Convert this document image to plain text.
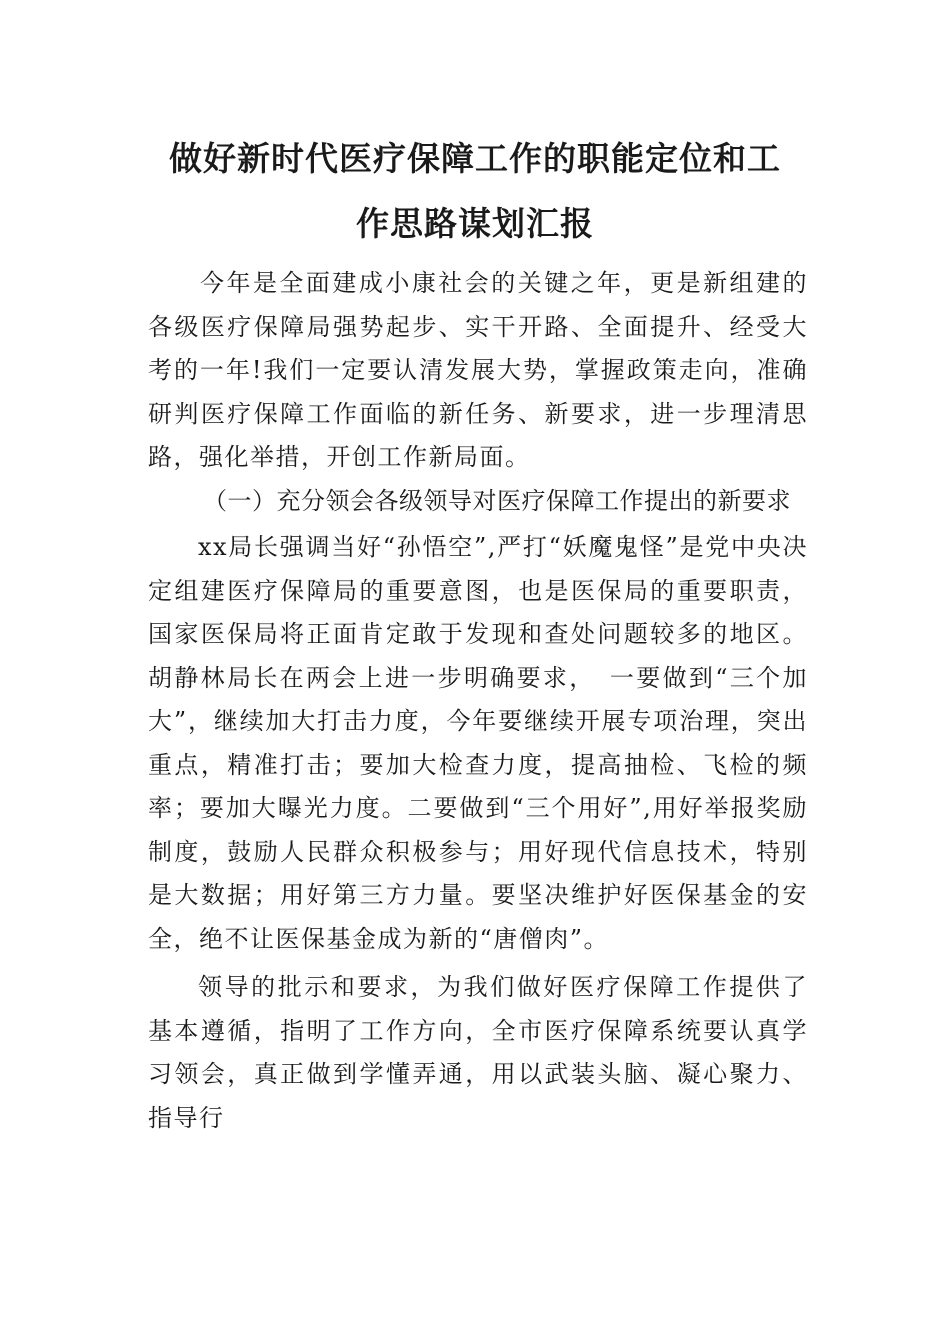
做好新时代医疗保障工作的职能定位和工
作思路谋划汇报

今年是全面建成小康社会的关键之年，更是新组建的各级医疗保障局强势起步、实干开路、全面提升、经受大考的一年!我们一定要认清发展大势，掌握政策走向，准确研判医疗保障工作面临的新任务、新要求，进一步理清思路，强化举措，开创工作新局面。

（一）充分领会各级领导对医疗保障工作提出的新要求

xx局长强调当好“孙悟空”,严打“妖魔鬼怪”是党中央决定组建医疗保障局的重要意图，也是医保局的重要职责，国家医保局将正面肯定敢于发现和查处问题较多的地区。胡静林局长在两会上进一步明确要求，　一要做到“三个加大”，继续加大打击力度，今年要继续开展专项治理，突出重点，精准打击；要加大检查力度，提高抽检、飞检的频率；要加大曝光力度。二要做到“三个用好”,用好举报奖励制度，鼓励人民群众积极参与；用好现代信息技术，特别是大数据；用好第三方力量。要坚决维护好医保基金的安全，绝不让医保基金成为新的“唐僧肉”。

领导的批示和要求，为我们做好医疗保障工作提供了基本遵循，指明了工作方向，全市医疗保障系统要认真学习领会，真正做到学懂弄通，用以武装头脑、凝心聚力、指导行
